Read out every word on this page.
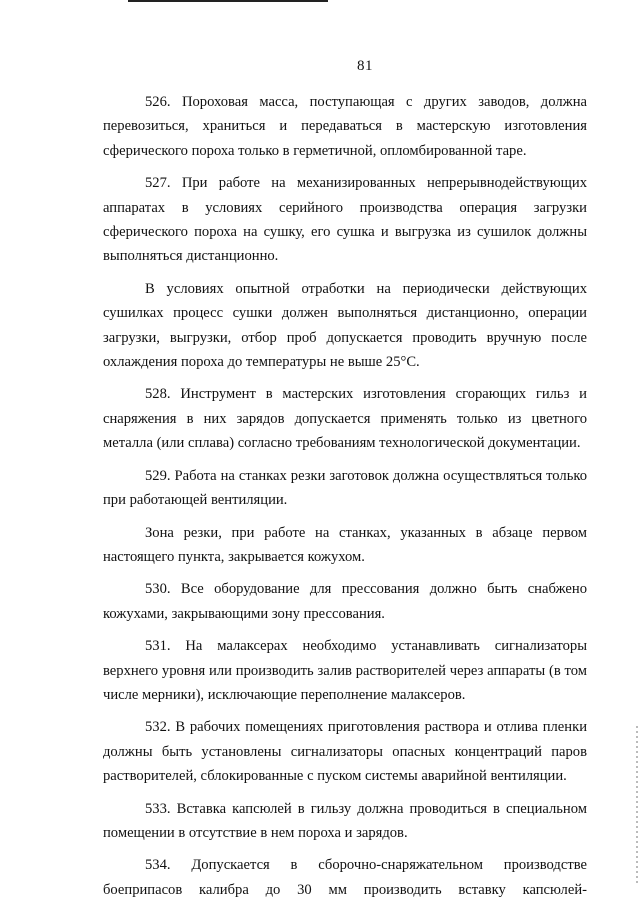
81

526. Пороховая масса, поступающая с других заводов, должна перевозиться, храниться и передаваться в мастерскую изготовления сферического пороха только в герметичной, опломбированной таре.

527. При работе на механизированных непрерывнодействующих аппаратах в условиях серийного производства операция загрузки сферического пороха на сушку, его сушка и выгрузка из сушилок должны выполняться дистанционно.

В условиях опытной отработки на периодически действующих сушилках процесс сушки должен выполняться дистанционно, операции загрузки, выгрузки, отбор проб допускается проводить вручную после охлаждения пороха до температуры не выше 25°С.

528. Инструмент в мастерских изготовления сгорающих гильз и снаряжения в них зарядов допускается применять только из цветного металла (или сплава) согласно требованиям технологической документации.

529. Работа на станках резки заготовок должна осуществляться только при работающей вентиляции.

Зона резки, при работе на станках, указанных в абзаце первом настоящего пункта, закрывается кожухом.

530. Все оборудование для прессования должно быть снабжено кожухами, закрывающими зону прессования.

531. На малаксерах необходимо устанавливать сигнализаторы верхнего уровня или производить залив растворителей через аппараты (в том числе мерники), исключающие переполнение малаксеров.

532. В рабочих помещениях приготовления раствора и отлива пленки должны быть установлены сигнализаторы опасных концентраций паров растворителей, сблокированные с пуском системы аварийной вентиляции.

533. Вставка капсюлей в гильзу должна проводиться в специальном помещении в отсутствие в нем пороха и зарядов.

534. Допускается в сборочно-снаряжательном производстве боеприпасов калибра до 30 мм производить вставку капсюлей-
